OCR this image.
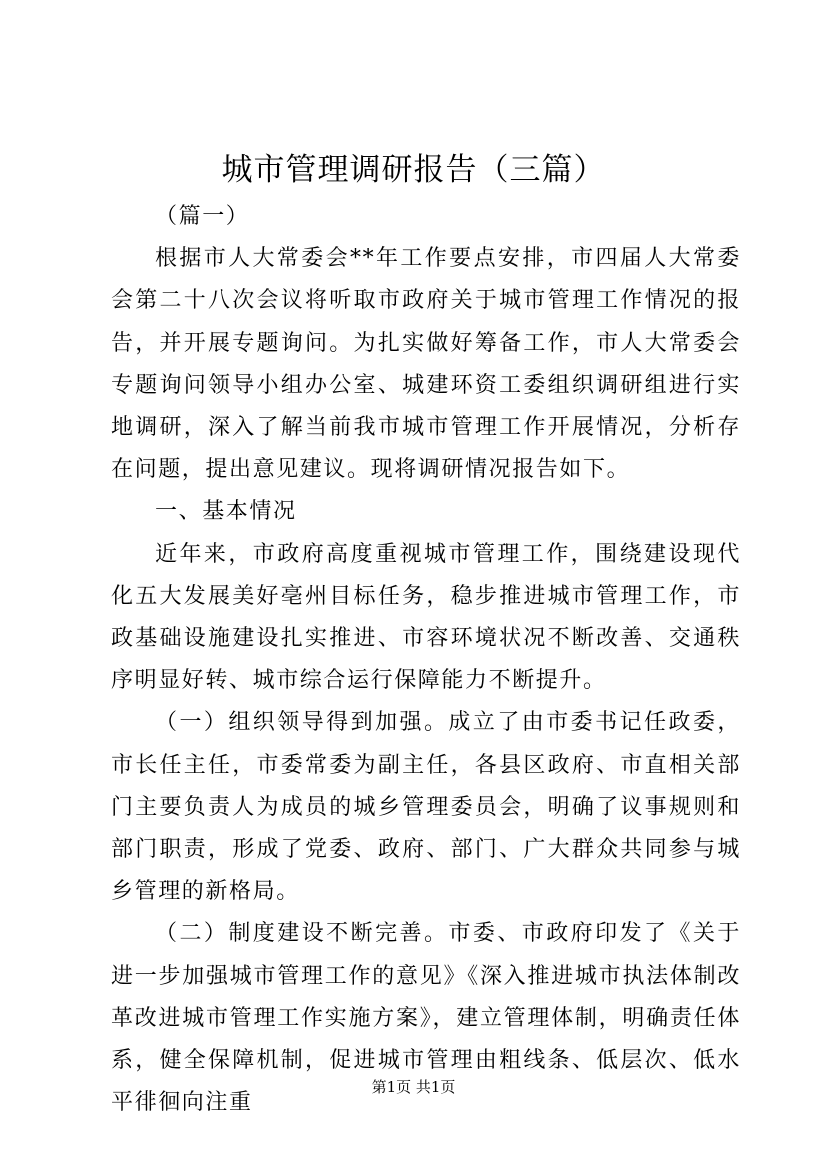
城市管理调研报告（三篇）

（篇一）

根据市人大常委会**年工作要点安排，市四届人大常委会第二十八次会议将听取市政府关于城市管理工作情况的报告，并开展专题询问。为扎实做好筹备工作，市人大常委会专题询问领导小组办公室、城建环资工委组织调研组进行实地调研，深入了解当前我市城市管理工作开展情况，分析存在问题，提出意见建议。现将调研情况报告如下。

一、基本情况

近年来，市政府高度重视城市管理工作，围绕建设现代化五大发展美好亳州目标任务，稳步推进城市管理工作，市政基础设施建设扎实推进、市容环境状况不断改善、交通秩序明显好转、城市综合运行保障能力不断提升。

（一）组织领导得到加强。成立了由市委书记任政委，市长任主任，市委常委为副主任，各县区政府、市直相关部门主要负责人为成员的城乡管理委员会，明确了议事规则和部门职责，形成了党委、政府、部门、广大群众共同参与城乡管理的新格局。

（二）制度建设不断完善。市委、市政府印发了《关于进一步加强城市管理工作的意见》《深入推进城市执法体制改革改进城市管理工作实施方案》，建立管理体制，明确责任体系，健全保障机制，促进城市管理由粗线条、低层次、低水平徘徊向注重

第1页 共1页
